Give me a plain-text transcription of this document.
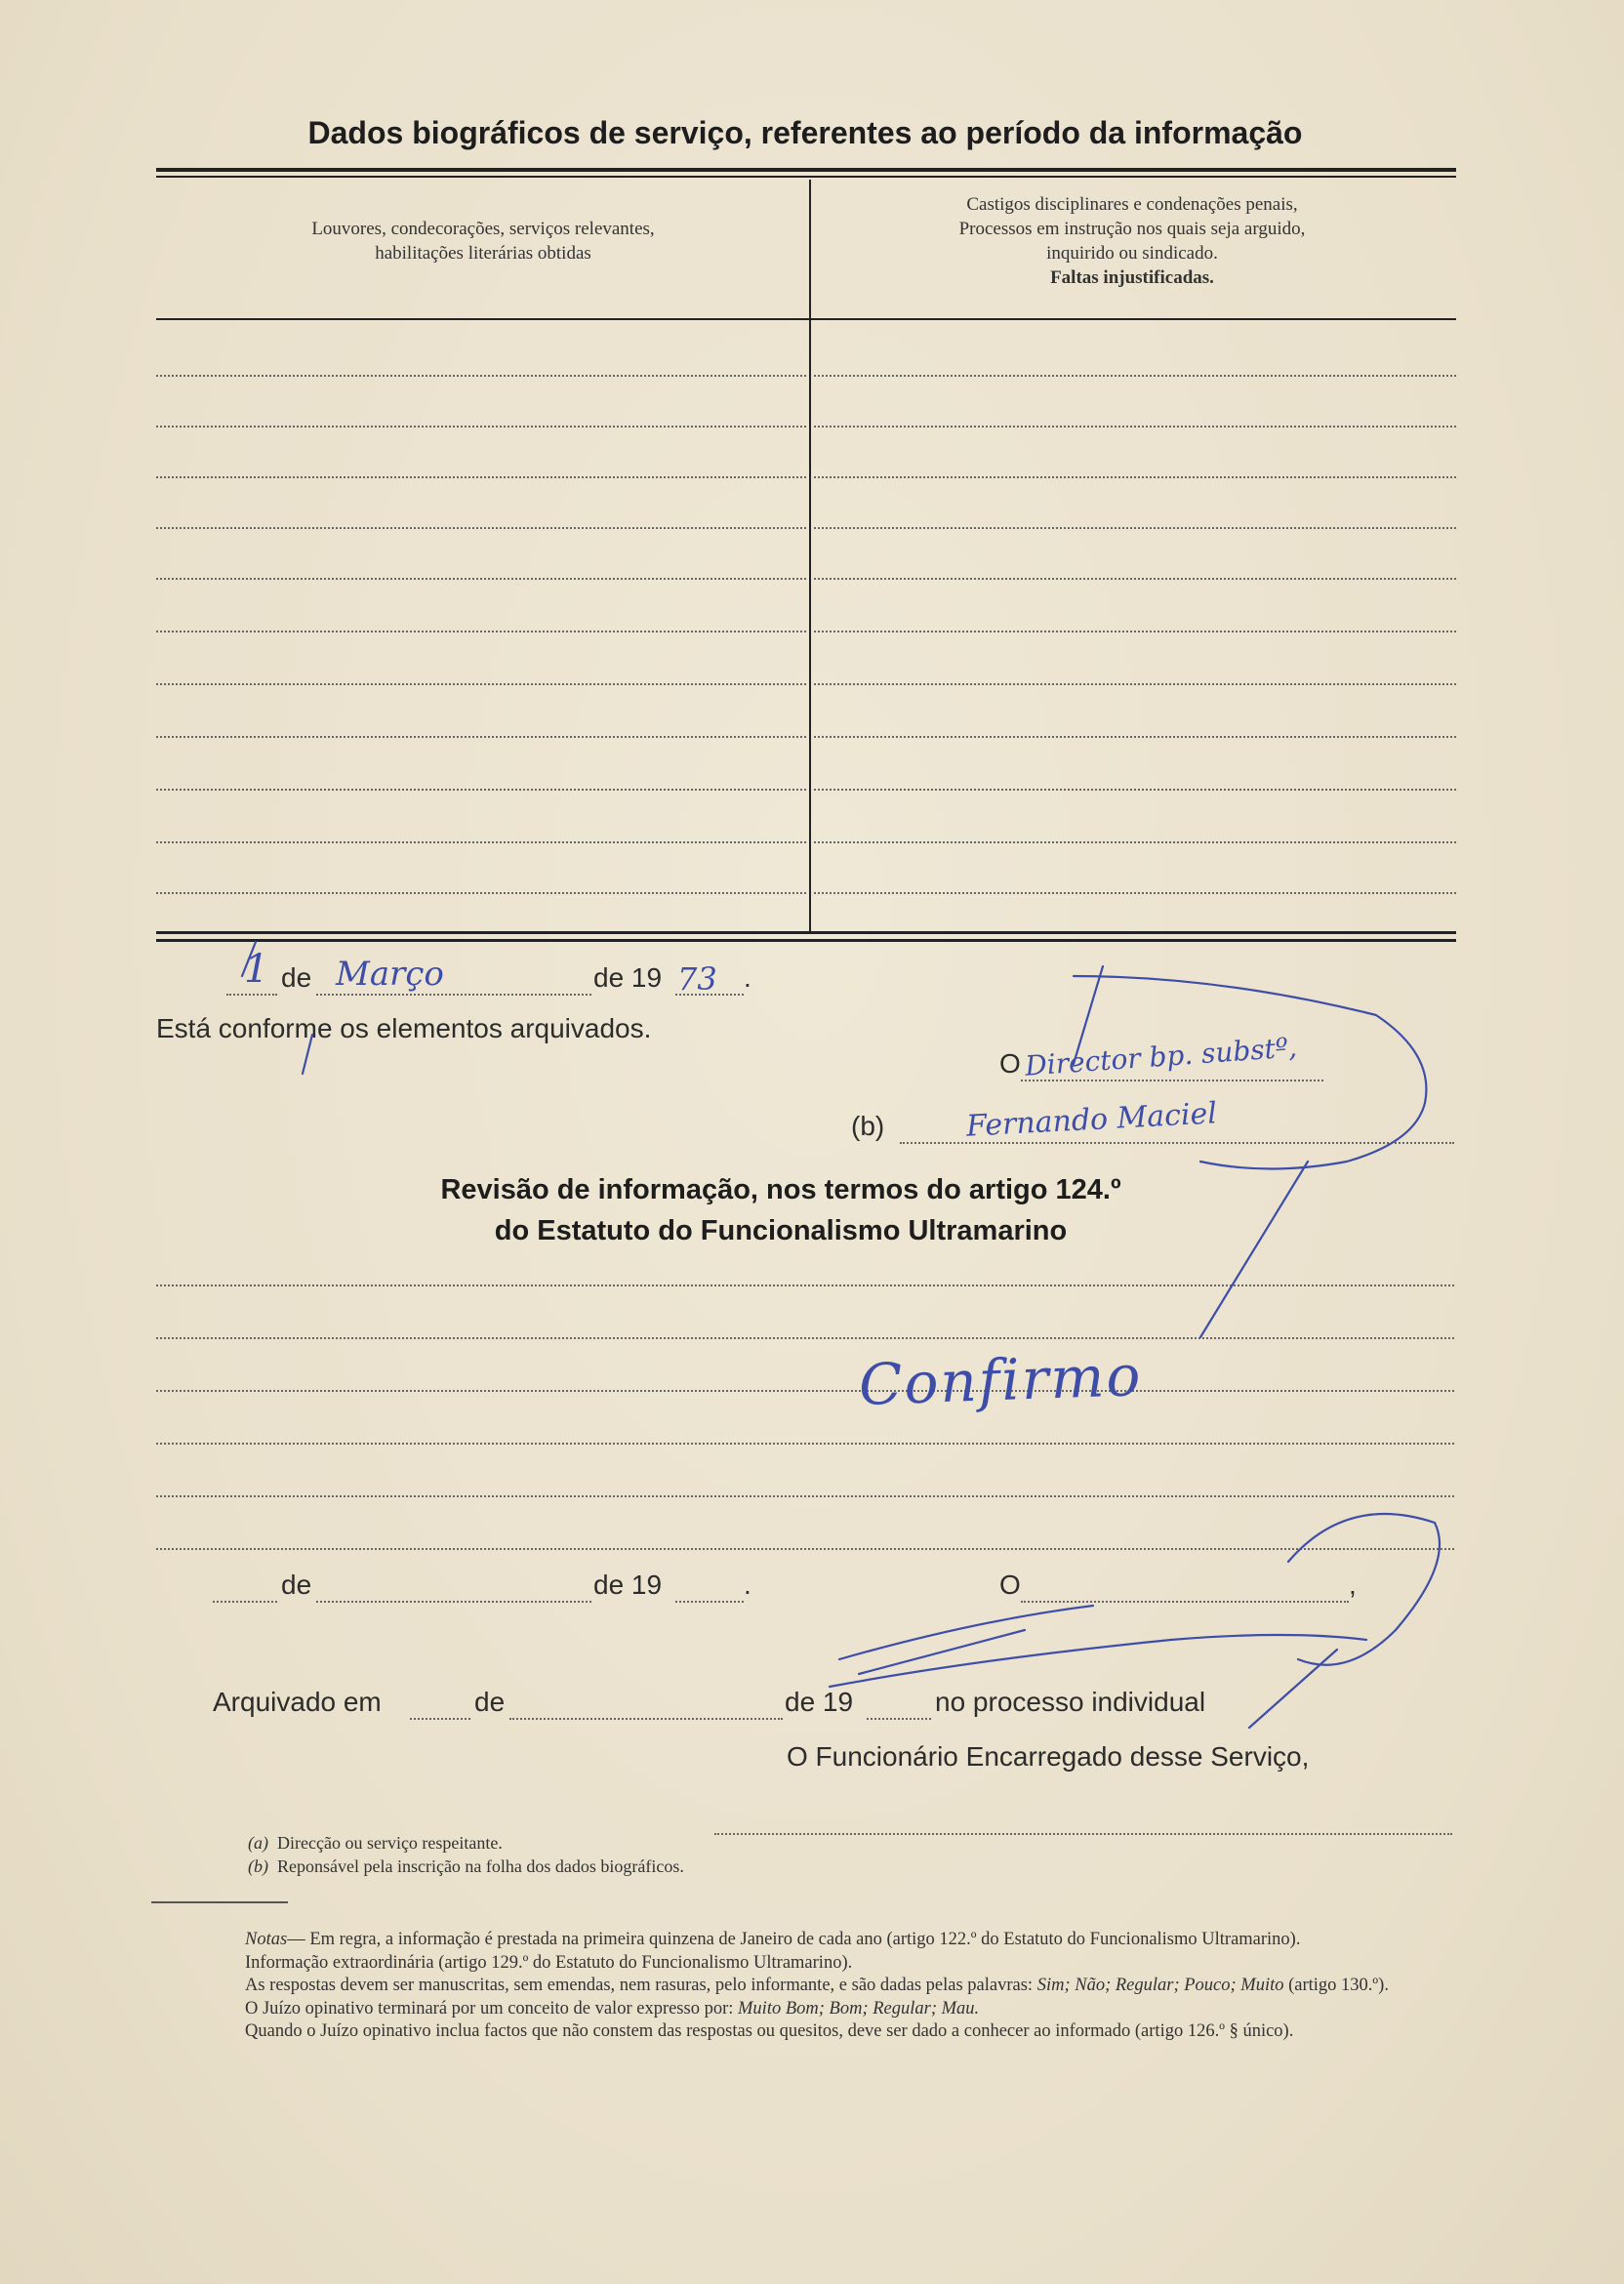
Dados biográficos de serviço, referentes ao período da informação
Louvores, condecorações, serviços relevantes,
habilitações literárias obtidas
Castigos disciplinares e condenações penais,
Processos em instrução nos quais seja arguido,
inquirido ou sindicado.
Faltas injustificadas.
1 de Março	de 19 73 .
Está conforme os elementos arquivados.
O Director bp. substº,
(b)	Fernando Maciel
Revisão de informação, nos termos do artigo 124.º
do Estatuto do Funcionalismo Ultramarino
Confirmo
de	de 19	.	O	,
Arquivado em	de	de 19	no processo individual
O Funcionário Encarregado desse Serviço,
(a) Direcção ou serviço respeitante.
(b) Reponsável pela inscrição na folha dos dados biográficos.

Notas— Em regra, a informação é prestada na primeira quinzena de Janeiro de cada ano (artigo 122.º do Estatuto do Funcionalismo Ultramarino).

Informação extraordinária (artigo 129.º do Estatuto do Funcionalismo Ultramarino).

As respostas devem ser manuscritas, sem emendas, nem rasuras, pelo informante, e são dadas pelas palavras: Sim; Não; Regular; Pouco; Muito (artigo 130.º).

O Juízo opinativo terminará por um conceito de valor expresso por: Muito Bom; Bom; Regular; Mau.

Quando o Juízo opinativo inclua factos que não constem das respostas ou quesitos, deve ser dado a conhecer ao informado (artigo 126.º § único).
